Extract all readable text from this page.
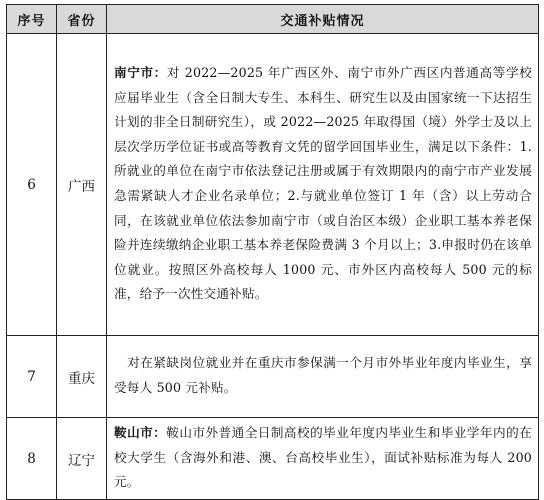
序号	省份	交通补贴情况
6	广西	南宁市：对 2022—2025 年广西区外、南宁市外广西区内普通高等学校应届毕业生（含全日制大专生、本科生、研究生以及由国家统一下达招生计划的非全日制研究生），或 2022—2025 年取得国（境）外学士及以上层次学历学位证书或高等教育文凭的留学回国毕业生，满足以下条件：1.所就业的单位在南宁市依法登记注册或属于有效期限内的南宁市产业发展急需紧缺人才企业名录单位；2.与就业单位签订 1 年（含）以上劳动合同，在该就业单位依法参加南宁市（或自治区本级）企业职工基本养老保险并连续缴纳企业职工基本养老保险费满 3 个月以上；3.申报时仍在该单位就业。按照区外高校每人 1000 元、市外区内高校每人 500 元的标准，给予一次性交通补贴。
7	重庆	对在紧缺岗位就业并在重庆市参保满一个月市外毕业年度内毕业生，享受每人 500 元补贴。
8	辽宁	鞍山市：鞍山市外普通全日制高校的毕业年度内毕业生和毕业学年内的在校大学生（含海外和港、澳、台高校毕业生），面试补贴标准为每人 200 元。
